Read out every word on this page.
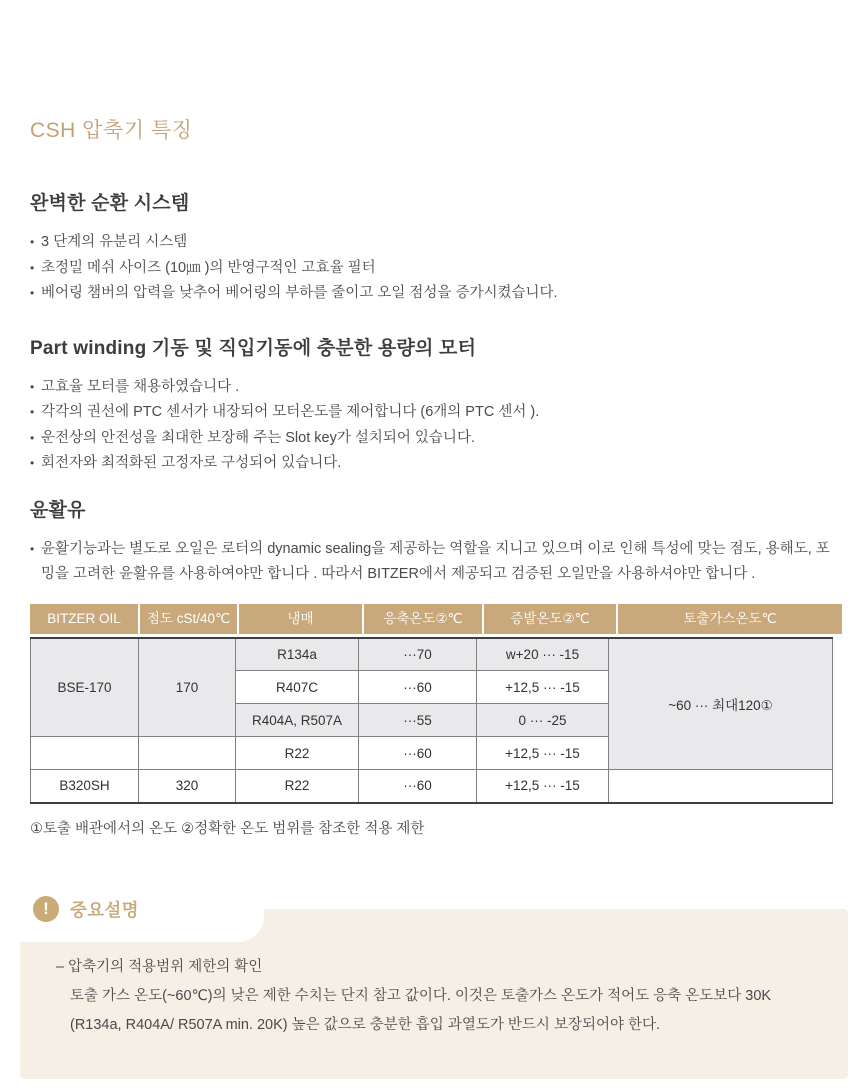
CSH 압축기 특징
완벽한 순환 시스템
• 3 단계의 유분리 시스템
• 초정밀 메쉬 사이즈 (10㎛ )의 반영구적인 고효율 필터
• 베어링 챔버의 압력을 낮추어 베어링의 부하를 줄이고 오일 점성을 증가시켰습니다.
Part winding 기동 및 직입기동에 충분한 용량의 모터
• 고효율 모터를 채용하였습니다 .
• 각각의 권선에 PTC 센서가 내장되어 모터온도를 제어합니다 (6개의 PTC 센서 ).
• 운전상의 안전성을 최대한 보장해 주는 Slot key가 설치되어 있습니다.
• 회전자와 최적화된 고정자로 구성되어 있습니다.
윤활유
• 윤활기능과는 별도로 오일은 로터의 dynamic sealing을 제공하는 역할을 지니고 있으며 이로 인해 특성에 맞는 점도, 용해도, 포밍을 고려한 윤활유를 사용하여야만 합니다 . 따라서 BITZER에서 제공되고 검증된 오일만을 사용하셔야만 합니다 .
BITZER OIL	점도 cSt/40℃	냉매	응축온도②℃	증발온도②℃	토출가스온도℃
BSE-170	170	R134a	···70	w+20 ··· -15	~60 ··· 최대120①
		R407C	···60	+12,5 ··· -15	
		R404A, R507A	···55	0 ··· -25	
		R22	···60	+12,5 ··· -15	
B320SH	320	R22	···60	+12,5 ··· -15	
①토출 배관에서의 온도 ②정확한 온도 범위를 참조한 적용 제한
!	중요설명
– 압축기의 적용범위 제한의 확인
토출 가스 온도(~60℃)의 낮은 제한 수치는 단지 참고 값이다. 이것은 토출가스 온도가 적어도 응축 온도보다 30K (R134a, R404A/ R507A min. 20K) 높은 값으로 충분한 흡입 과열도가 반드시 보장되어야 한다.
